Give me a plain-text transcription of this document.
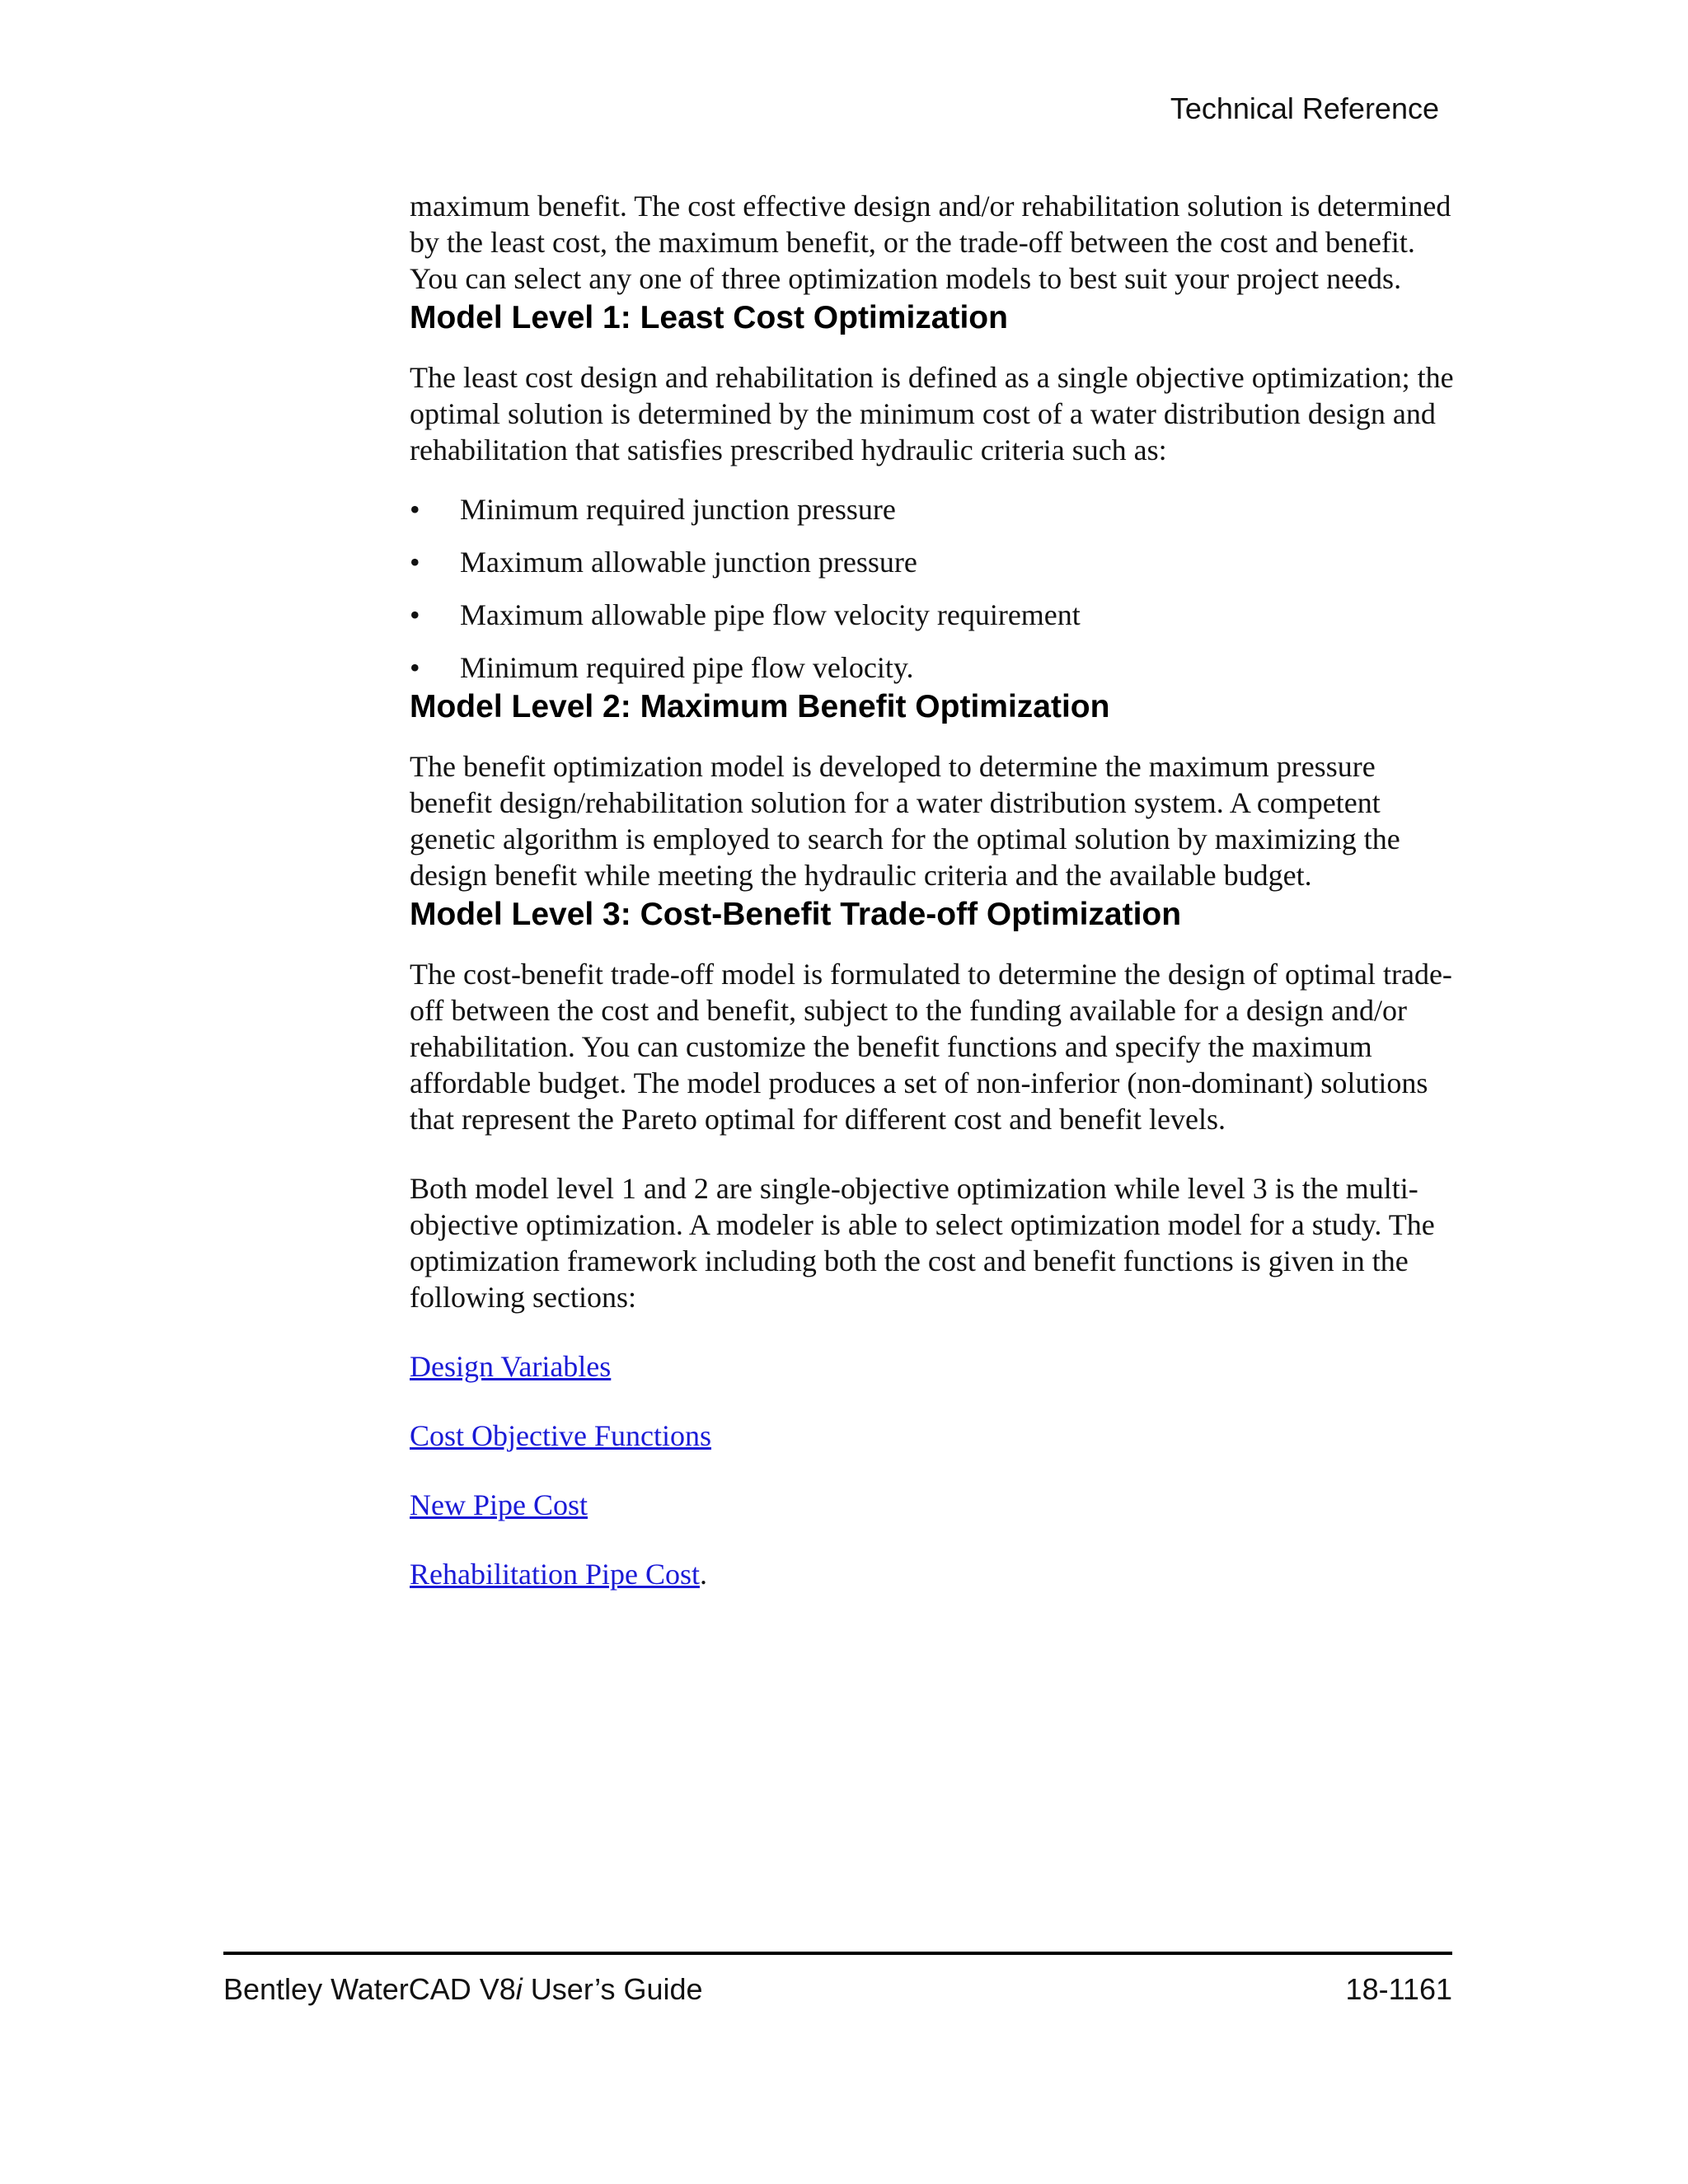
Technical Reference

maximum benefit. The cost effective design and/or rehabilitation solution is determined by the least cost, the maximum benefit, or the trade-off between the cost and benefit. You can select any one of three optimization models to best suit your project needs.

Model Level 1: Least Cost Optimization

The least cost design and rehabilitation is defined as a single objective optimization; the optimal solution is determined by the minimum cost of a water distribution design and rehabilitation that satisfies prescribed hydraulic criteria such as:

• Minimum required junction pressure
• Maximum allowable junction pressure
• Maximum allowable pipe flow velocity requirement
• Minimum required pipe flow velocity.
Model Level 2: Maximum Benefit Optimization

The benefit optimization model is developed to determine the maximum pressure benefit design/rehabilitation solution for a water distribution system. A competent genetic algorithm is employed to search for the optimal solution by maximizing the design benefit while meeting the hydraulic criteria and the available budget.

Model Level 3: Cost-Benefit Trade-off Optimization

The cost-benefit trade-off model is formulated to determine the design of optimal trade-off between the cost and benefit, subject to the funding available for a design and/or rehabilitation. You can customize the benefit functions and specify the maximum affordable budget. The model produces a set of non-inferior (non-dominant) solutions that represent the Pareto optimal for different cost and benefit levels.

Both model level 1 and 2 are single-objective optimization while level 3 is the multi-objective optimization. A modeler is able to select optimization model for a study. The optimization framework including both the cost and benefit functions is given in the following sections:

Design Variables

Cost Objective Functions

New Pipe Cost

Rehabilitation Pipe Cost.

Bentley WaterCAD V8i User’s Guide	18-1161
